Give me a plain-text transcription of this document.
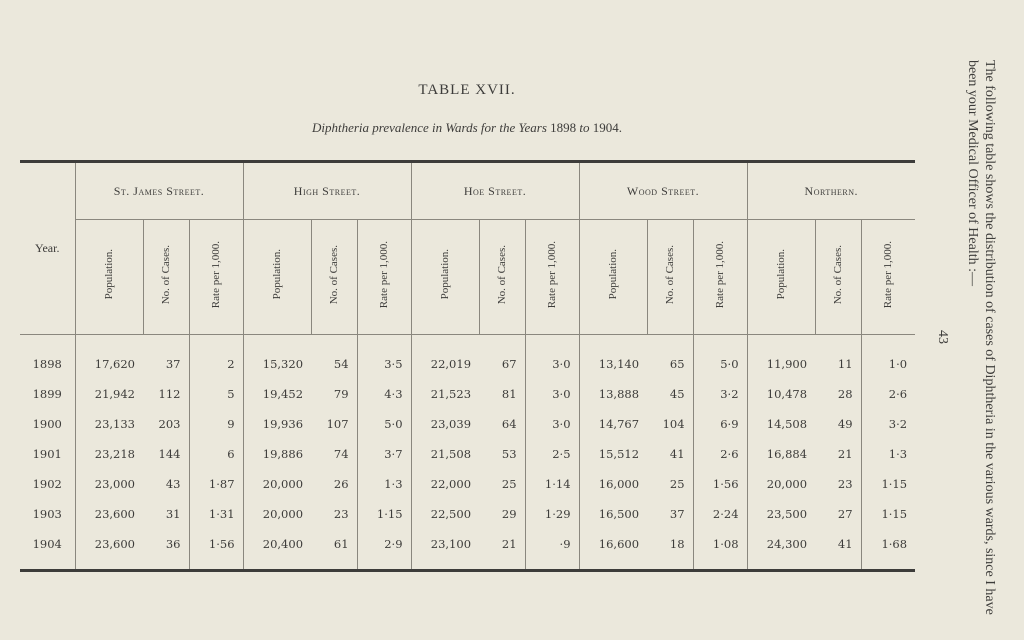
TABLE XVII.
Diphtheria prevalence in Wards for the Years 1898 to 1904.
43	The following table shows the distribution of cases of Diphtheria in the various wards, since I have been your Medical Officer of Health :—
Year.	St. James Street.			High Street.			Hoe Street.			Wood Street.			Northern.		
	Population.	No. of Cases.	Rate per 1,000.	Population.	No. of Cases.	Rate per 1,000.	Population.	No. of Cases.	Rate per 1,000.	Population.	No. of Cases.	Rate per 1,000.	Population.	No. of Cases.	Rate per 1,000.
1898	17,620	37	2	15,320	54	3·5	22,019	67	3·0	13,140	65	5·0	11,900	11	1·0
1899	21,942	112	5	19,452	79	4·3	21,523	81	3·0	13,888	45	3·2	10,478	28	2·6
1900	23,133	203	9	19,936	107	5·0	23,039	64	3·0	14,767	104	6·9	14,508	49	3·2
1901	23,218	144	6	19,886	74	3·7	21,508	53	2·5	15,512	41	2·6	16,884	21	1·3
1902	23,000	43	1·87	20,000	26	1·3	22,000	25	1·14	16,000	25	1·56	20,000	23	1·15
1903	23,600	31	1·31	20,000	23	1·15	22,500	29	1·29	16,500	37	2·24	23,500	27	1·15
1904	23,600	36	1·56	20,400	61	2·9	23,100	21	·9	16,600	18	1·08	24,300	41	1·68
